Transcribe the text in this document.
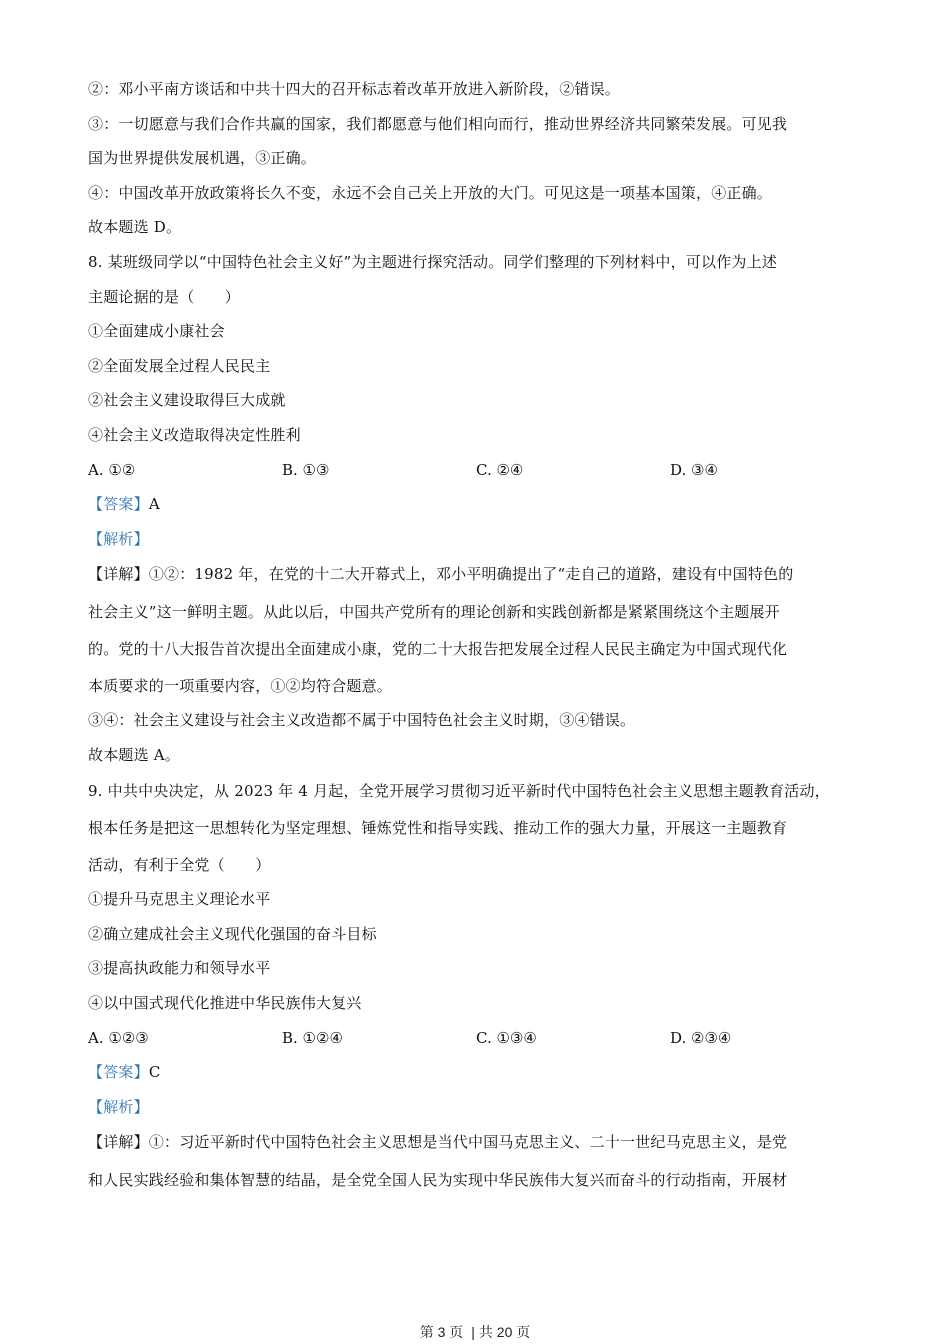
②：邓小平南方谈话和中共十四大的召开标志着改革开放进入新阶段，②错误。
③：一切愿意与我们合作共赢的国家，我们都愿意与他们相向而行，推动世界经济共同繁荣发展。可见我
国为世界提供发展机遇，③正确。
④：中国改革开放政策将长久不变，永远不会自己关上开放的大门。可见这是一项基本国策，④正确。
故本题选 D。
8. 某班级同学以“中国特色社会主义好”为主题进行探究活动。同学们整理的下列材料中，可以作为上述
主题论据的是（　　）
①全面建成小康社会
②全面发展全过程人民民主
②社会主义建设取得巨大成就
④社会主义改造取得决定性胜利
A. ①②	B. ①③	C. ②④	D. ③④
【答案】A
【解析】
【详解】①②：1982 年，在党的十二大开幕式上，邓小平明确提出了“走自己的道路，建设有中国特色的
社会主义”这一鲜明主题。从此以后，中国共产党所有的理论创新和实践创新都是紧紧围绕这个主题展开
的。党的十八大报告首次提出全面建成小康，党的二十大报告把发展全过程人民民主确定为中国式现代化
本质要求的一项重要内容，①②均符合题意。
③④：社会主义建设与社会主义改造都不属于中国特色社会主义时期，③④错误。
故本题选 A。
9. 中共中央决定，从 2023 年 4 月起，全党开展学习贯彻习近平新时代中国特色社会主义思想主题教育活动，
根本任务是把这一思想转化为坚定理想、锤炼党性和指导实践、推动工作的强大力量，开展这一主题教育
活动，有利于全党（　　）
①提升马克思主义理论水平
②确立建成社会主义现代化强国的奋斗目标
③提高执政能力和领导水平
④以中国式现代化推进中华民族伟大复兴
A. ①②③	B. ①②④	C. ①③④	D. ②③④
【答案】C
【解析】
【详解】①：习近平新时代中国特色社会主义思想是当代中国马克思主义、二十一世纪马克思主义，是党
和人民实践经验和集体智慧的结晶，是全党全国人民为实现中华民族伟大复兴而奋斗的行动指南，开展材
第 3 页 | 共 20 页
